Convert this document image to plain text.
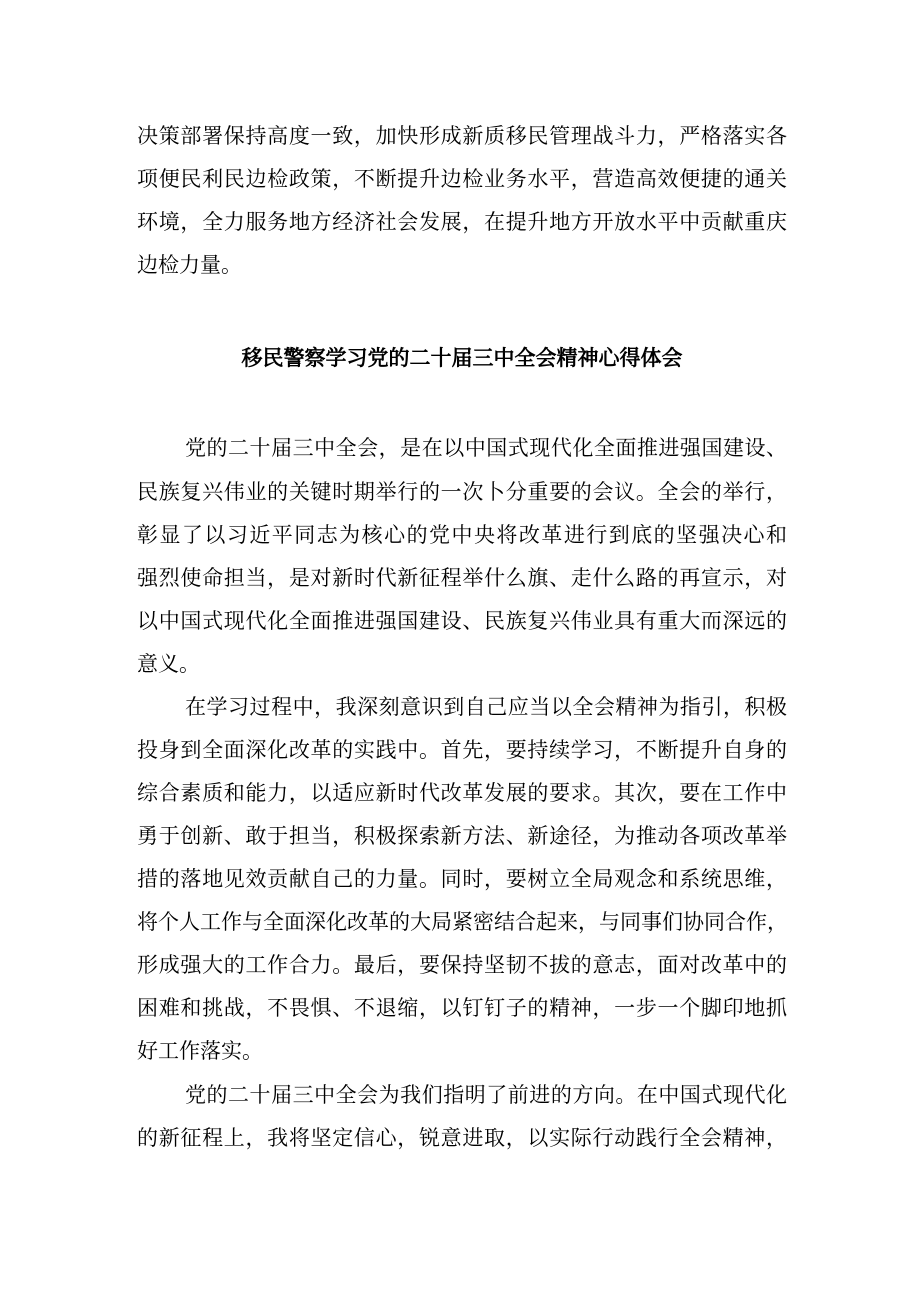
决策部署保持高度一致，加快形成新质移民管理战斗力，严格落实各
项便民利民边检政策，不断提升边检业务水平，营造高效便捷的通关
环境，全力服务地方经济社会发展，在提升地方开放水平中贡献重庆
边检力量。
移民警察学习党的二十届三中全会精神心得体会
党的二十届三中全会，是在以中国式现代化全面推进强国建设、
民族复兴伟业的关键时期举行的一次卜分重要的会议。全会的举行，
彰显了以习近平同志为核心的党中央将改革进行到底的坚强决心和
强烈使命担当，是对新时代新征程举什么旗、走什么路的再宣示，对
以中国式现代化全面推进强国建设、民族复兴伟业具有重大而深远的
意义。
在学习过程中，我深刻意识到自己应当以全会精神为指引，积极
投身到全面深化改革的实践中。首先，要持续学习，不断提升自身的
综合素质和能力，以适应新时代改革发展的要求。其次，要在工作中
勇于创新、敢于担当，积极探索新方法、新途径，为推动各项改革举
措的落地见效贡献自己的力量。同时，要树立全局观念和系统思维，
将个人工作与全面深化改革的大局紧密结合起来，与同事们协同合作，
形成强大的工作合力。最后，要保持坚韧不拔的意志，面对改革中的
困难和挑战，不畏惧、不退缩，以钉钉子的精神，一步一个脚印地抓
好工作落实。
党的二十届三中全会为我们指明了前进的方向。在中国式现代化
的新征程上，我将坚定信心，锐意进取，以实际行动践行全会精神，
